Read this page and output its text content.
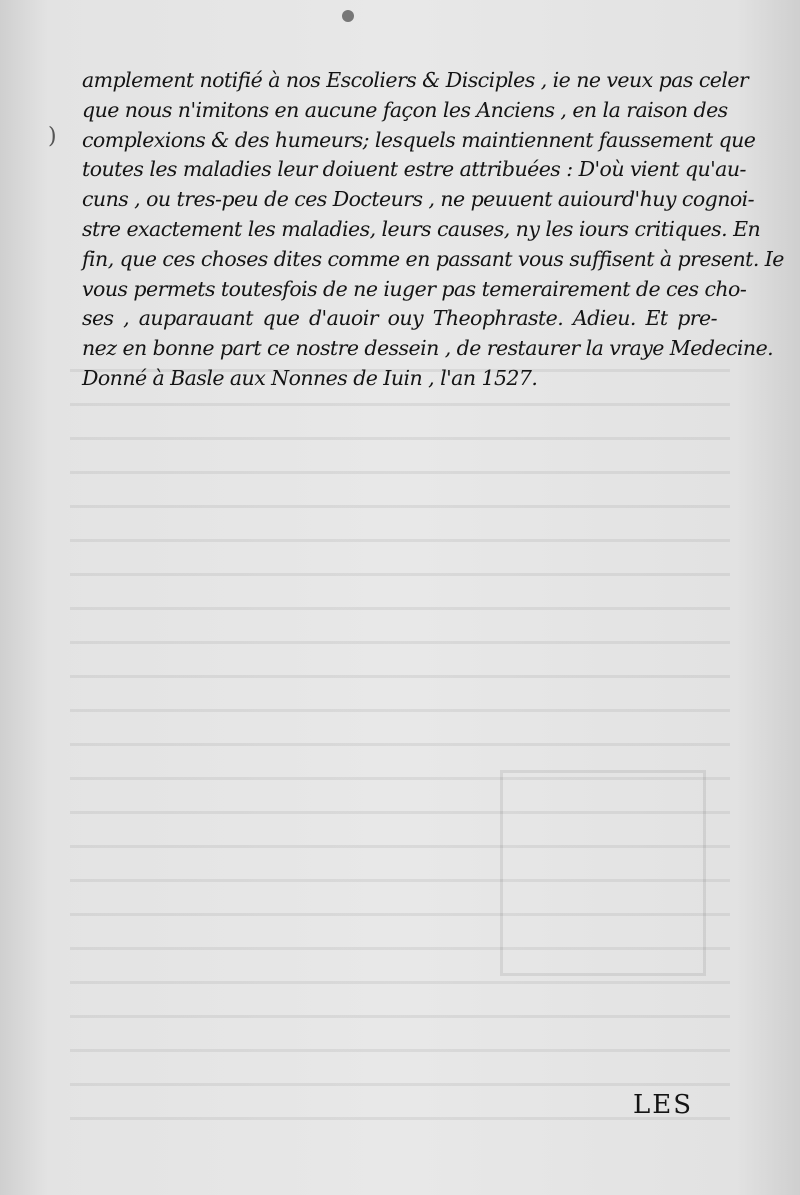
)
amplement notifié à nos Escoliers & Disciples , ie ne veux pas celer
que nous n'imitons en aucune façon les Anciens , en la raison des
complexions & des humeurs; lesquels maintiennent faussement que
toutes les maladies leur doiuent estre attribuées : D'où vient qu'au-
cuns , ou tres-peu de ces Docteurs , ne peuuent auiourd'huy cognoi-
stre exactement les maladies, leurs causes, ny les iours critiques. En
fin, que ces choses dites comme en passant vous suffisent à present. Ie
vous permets toutesfois de ne iuger pas temerairement de ces cho-
ses , auparauant que d'auoir ouy Theophraste. Adieu. Et pre-
nez en bonne part ce nostre dessein , de restaurer la vraye Medecine.
Donné à Basle aux Nonnes de Iuin , l'an 1527.
LES
